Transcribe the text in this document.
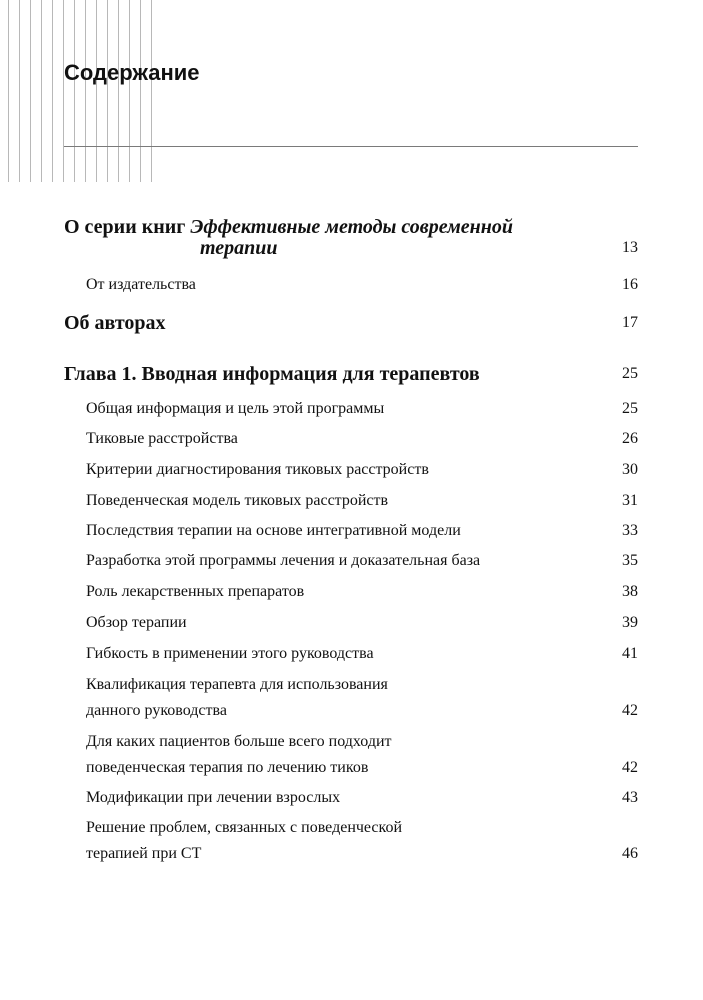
Содержание
О серии книг Эффективные методы современной
терапии	13
От издательства	16
Об авторах	17
Глава 1. Вводная информация для терапевтов	25
Общая информация и цель этой программы	25
Тиковые расстройства	26
Критерии диагностирования тиковых расстройств	30
Поведенческая модель тиковых расстройств	31
Последствия терапии на основе интегративной модели	33
Разработка этой программы лечения и доказательная база	35
Роль лекарственных препаратов	38
Обзор терапии	39
Гибкость в применении этого руководства	41
Квалификация терапевта для использования
данного руководства	42
Для каких пациентов больше всего подходит
поведенческая терапия по лечению тиков	42
Модификации при лечении взрослых	43
Решение проблем, связанных с поведенческой
терапией при СТ	46
